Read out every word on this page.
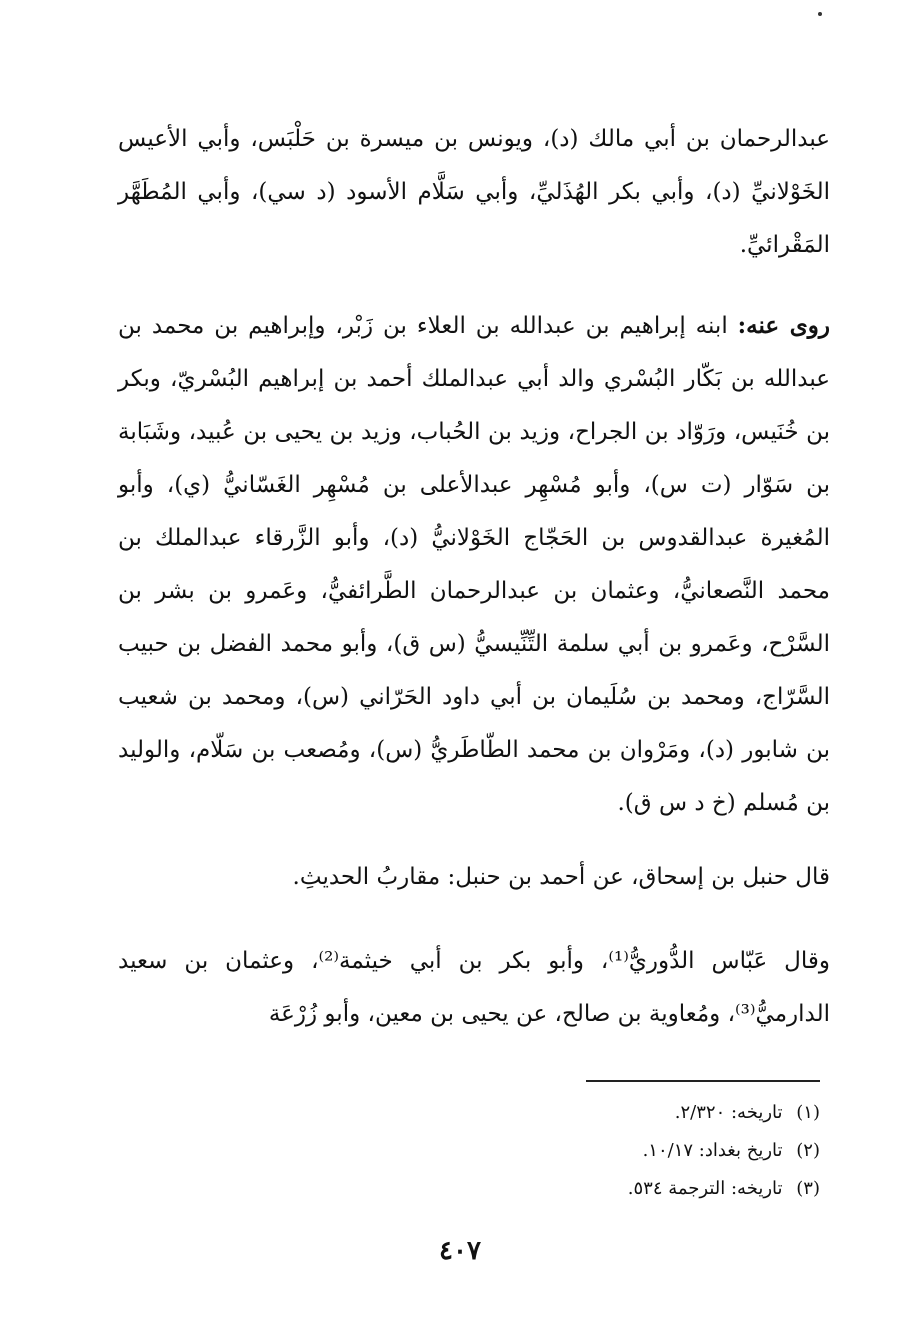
عبدالرحمان بن أبي مالك (د)، ويونس بن ميسرة بن حَلْبَس، وأبي الأعيس الخَوْلانيِّ (د)، وأبي بكر الهُذَليِّ، وأبي سَلَّام الأسود (د سي)، وأبي المُطَهَّر المَقْرائيِّ.

روى عنه: ابنه إبراهيم بن عبدالله بن العلاء بن زَبْر، وإبراهيم بن محمد بن عبدالله بن بَكّار البُسْري والد أبي عبدالملك أحمد بن إبراهيم البُسْريّ، وبكر بن خُنَيس، ورَوّاد بن الجراح، وزيد بن الحُباب، وزيد بن يحيى بن عُبيد، وشَبَابة بن سَوّار (ت س)، وأبو مُسْهِر عبدالأعلى بن مُسْهِر الغَسّانيُّ (ي)، وأبو المُغيرة عبدالقدوس بن الحَجّاج الخَوْلانيُّ (د)، وأبو الزَّرقاء عبدالملك بن محمد النَّصعانيُّ، وعثمان بن عبدالرحمان الطَّرائفيُّ، وعَمرو بن بشر بن السَّرْح، وعَمرو بن أبي سلمة التِّنِّيسيُّ (س ق)، وأبو محمد الفضل بن حبيب السَّرّاج، ومحمد بن سُلَيمان بن أبي داود الحَرّاني (س)، ومحمد بن شعيب بن شابور (د)، ومَرْوان بن محمد الطّاطَريُّ (س)، ومُصعب بن سَلّام، والوليد بن مُسلم (خ د س ق).

قال حنبل بن إسحاق، عن أحمد بن حنبل: مقاربُ الحديثِ.

وقال عَبّاس الدُّوريُّ⁽¹⁾، وأبو بكر بن أبي خيثمة⁽²⁾، وعثمان بن سعيد الدارميُّ⁽³⁾، ومُعاوية بن صالح، عن يحيى بن معين، وأبو زُرْعَة

(١) تاريخه: ٢/٣٢٠.
(٢) تاريخ بغداد: ١٠/١٧.
(٣) تاريخه: الترجمة ٥٣٤.
٤٠٧
